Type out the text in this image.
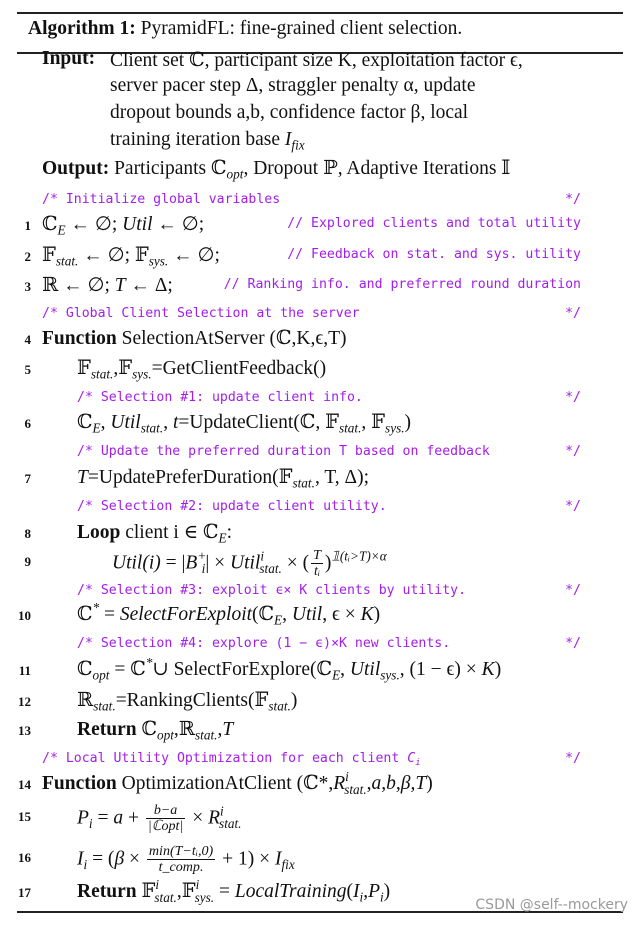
Algorithm 1: PyramidFL: fine-grained client selection.
Input: Client set ℂ, participant size K, exploitation factor ϵ,
server pacer step Δ, straggler penalty α, update
dropout bounds a,b, confidence factor β, local
training iteration base $I_{fix}$
Output: Participants ℂ$_{opt}$, Dropout ℙ, Adaptive Iterations 𝕀
/* Initialize global variables	*/
1 ℂ$_E$ ← ∅; Util ← ∅;	// Explored clients and total utility
2 𝔽$_{stat.}$ ← ∅; 𝔽$_{sys.}$ ← ∅;	// Feedback on stat. and sys. utility
3 ℝ ← ∅; T ← Δ;	// Ranking info. and preferred round duration
/* Global Client Selection at the server	*/
4 Function SelectionAtServer (ℂ,K,ϵ,T)
5 𝔽$_{stat.}$,𝔽$_{sys.}$=GetClientFeedback()
/* Selection #1: update client info.	*/
6 ℂ$_E$, Util$_{stat.}$, t=UpdateClient(ℂ, 𝔽$_{stat.}$, 𝔽$_{sys.}$)
/* Update the preferred duration T based on feedback	*/
7 T=UpdatePreferDuration(𝔽$_{stat.}$, T, Δ);
/* Selection #2: update client utility.	*/
8 Loop client i ∈ ℂ$_E$:
9	Util(i) = $|B^+_i|$ × Util$^i_{stat.}$ × ( $\frac{T}{\text{tᵢ}} )^{𝟙(tᵢ>T)\times\alpha}$
/* Selection #3: exploit ϵ× K clients by utility.	*/
10 ℂ* = SelectForExploit(ℂ$_E$, Util, ϵ × K)
/* Selection #4: explore (1 − ϵ)×K new clients.	*/
11 ℂ$_{opt}$ = ℂ*∪ SelectForExplore(ℂ$_E$, Util$_{sys.}$, (1 − ϵ) × K)
12 ℝ$_{stat.}$=RankingClients(𝔽$_{stat.}$)
13 Return ℂ$_{opt}$,ℝ$_{stat.}$,T
/* Local Utility Optimization for each client $C_i$	*/
14 Function OptimizationAtClient $(ℂ*,R^i_{stat.},a,b,\beta,T)$
15 $P_i = a + \frac{b-a}{\text{|ℂopt|}} \times R^i_{stat.}$
16 $I_i = (\beta \times \frac{\text{min(T−tᵢ,0)}}{\text{t\_comp.}} + 1) \times I_{fix}$
17 Return 𝔽$^i_{stat.}$,𝔽$^i_{sys.}$ = $LocalTraining(I_i,P_i)$
CSDN @self--mockery
